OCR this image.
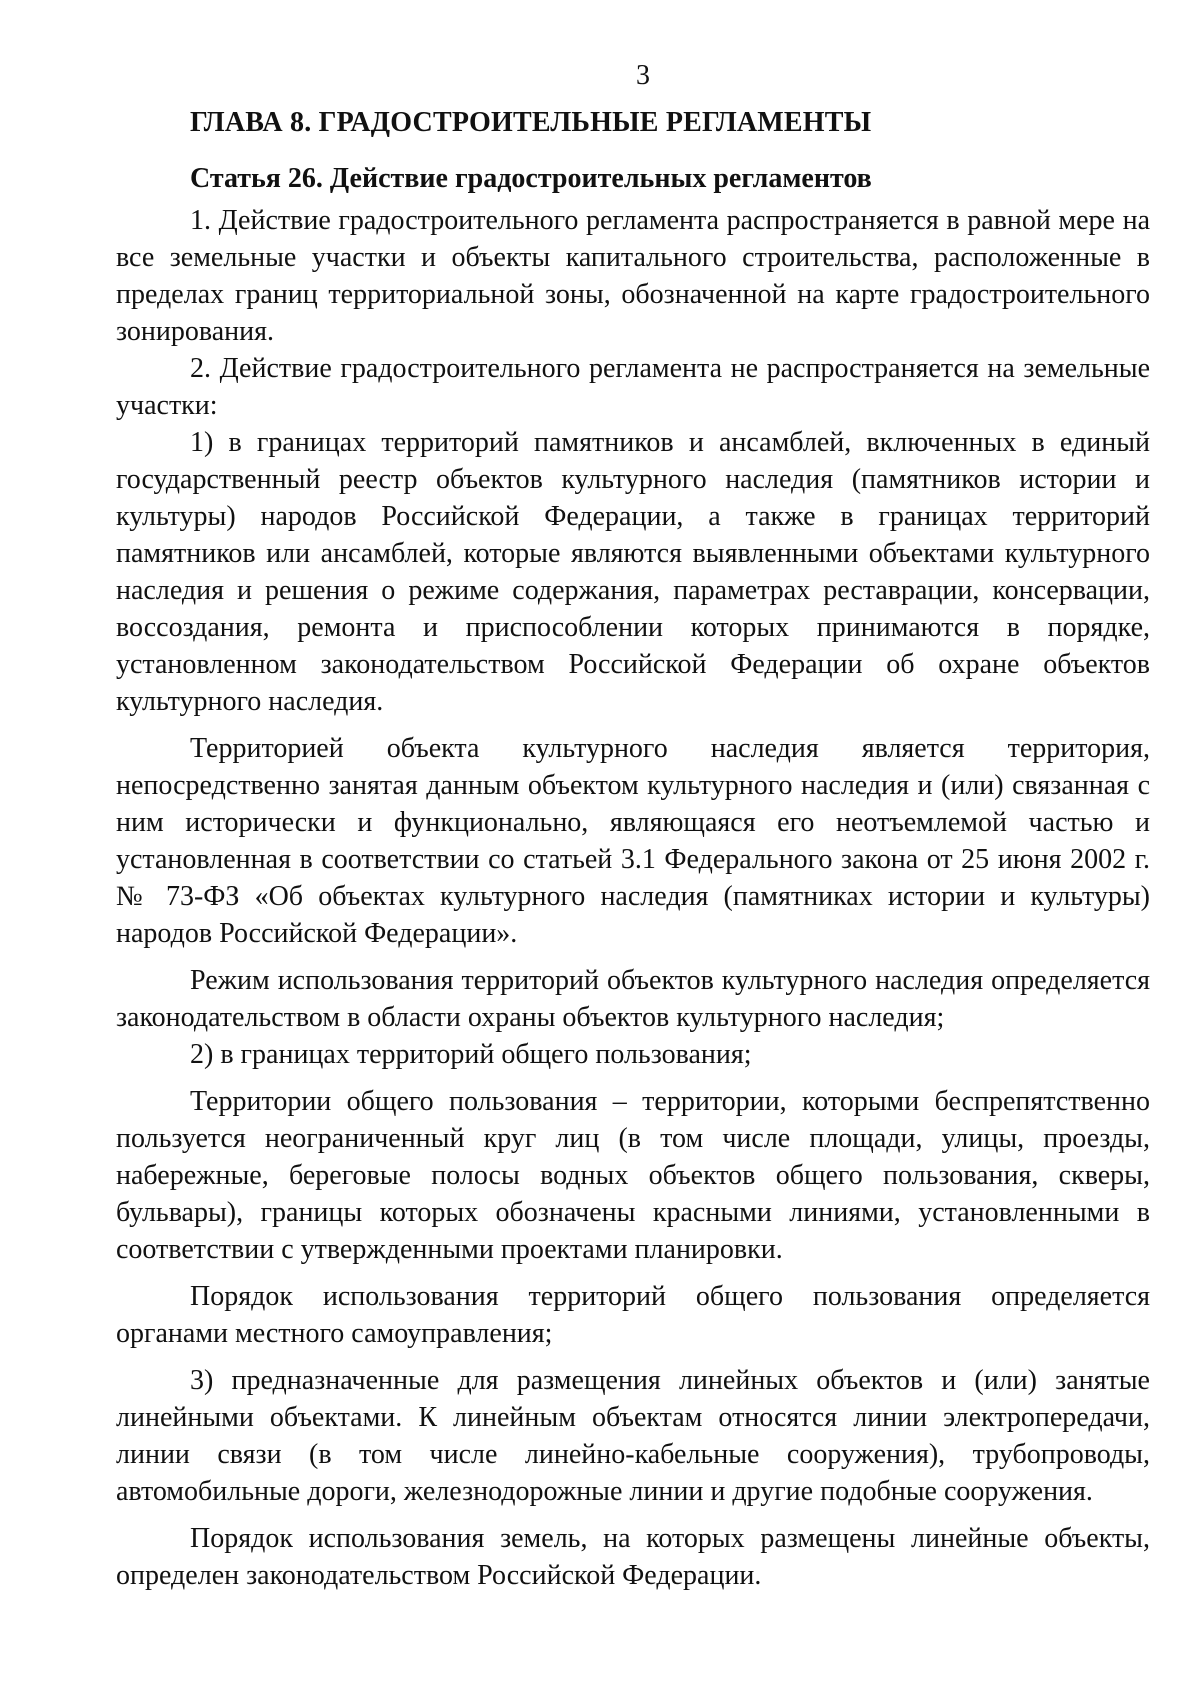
3
ГЛАВА 8. ГРАДОСТРОИТЕЛЬНЫЕ РЕГЛАМЕНТЫ
Статья 26. Действие градостроительных регламентов

1. Действие градостроительного регламента распространяется в равной мере на все земельные участки и объекты капитального строительства, расположенные в пределах границ территориальной зоны, обозначенной на карте градостроительного зонирования.

2. Действие градостроительного регламента не распространяется на земельные участки:

1) в границах территорий памятников и ансамблей, включенных в единый государственный реестр объектов культурного наследия (памятников истории и культуры) народов Российской Федерации, а также в границах территорий памятников или ансамблей, которые являются выявленными объектами культурного наследия и решения о режиме содержания, параметрах реставрации, консервации, воссоздания, ремонта и приспособлении которых принимаются в порядке, установленном законодательством Российской Федерации об охране объектов культурного наследия.

Территорией объекта культурного наследия является территория, непосредственно занятая данным объектом культурного наследия и (или) связанная с ним исторически и функционально, являющаяся его неотъемлемой частью и установленная в соответствии со статьей 3.1 Федерального закона от 25 июня 2002 г. № 73-ФЗ «Об объектах культурного наследия (памятниках истории и культуры) народов Российской Федерации».

Режим использования территорий объектов культурного наследия определяется законодательством в области охраны объектов культурного наследия;

2) в границах территорий общего пользования;

Территории общего пользования – территории, которыми беспрепятственно пользуется неограниченный круг лиц (в том числе площади, улицы, проезды, набережные, береговые полосы водных объектов общего пользования, скверы, бульвары), границы которых обозначены красными линиями, установленными в соответствии с утвержденными проектами планировки.

Порядок использования территорий общего пользования определяется органами местного самоуправления;

3) предназначенные для размещения линейных объектов и (или) занятые линейными объектами. К линейным объектам относятся линии электропередачи, линии связи (в том числе линейно-кабельные сооружения), трубопроводы, автомобильные дороги, железнодорожные линии и другие подобные сооружения.

Порядок использования земель, на которых размещены линейные объекты, определен законодательством Российской Федерации.
